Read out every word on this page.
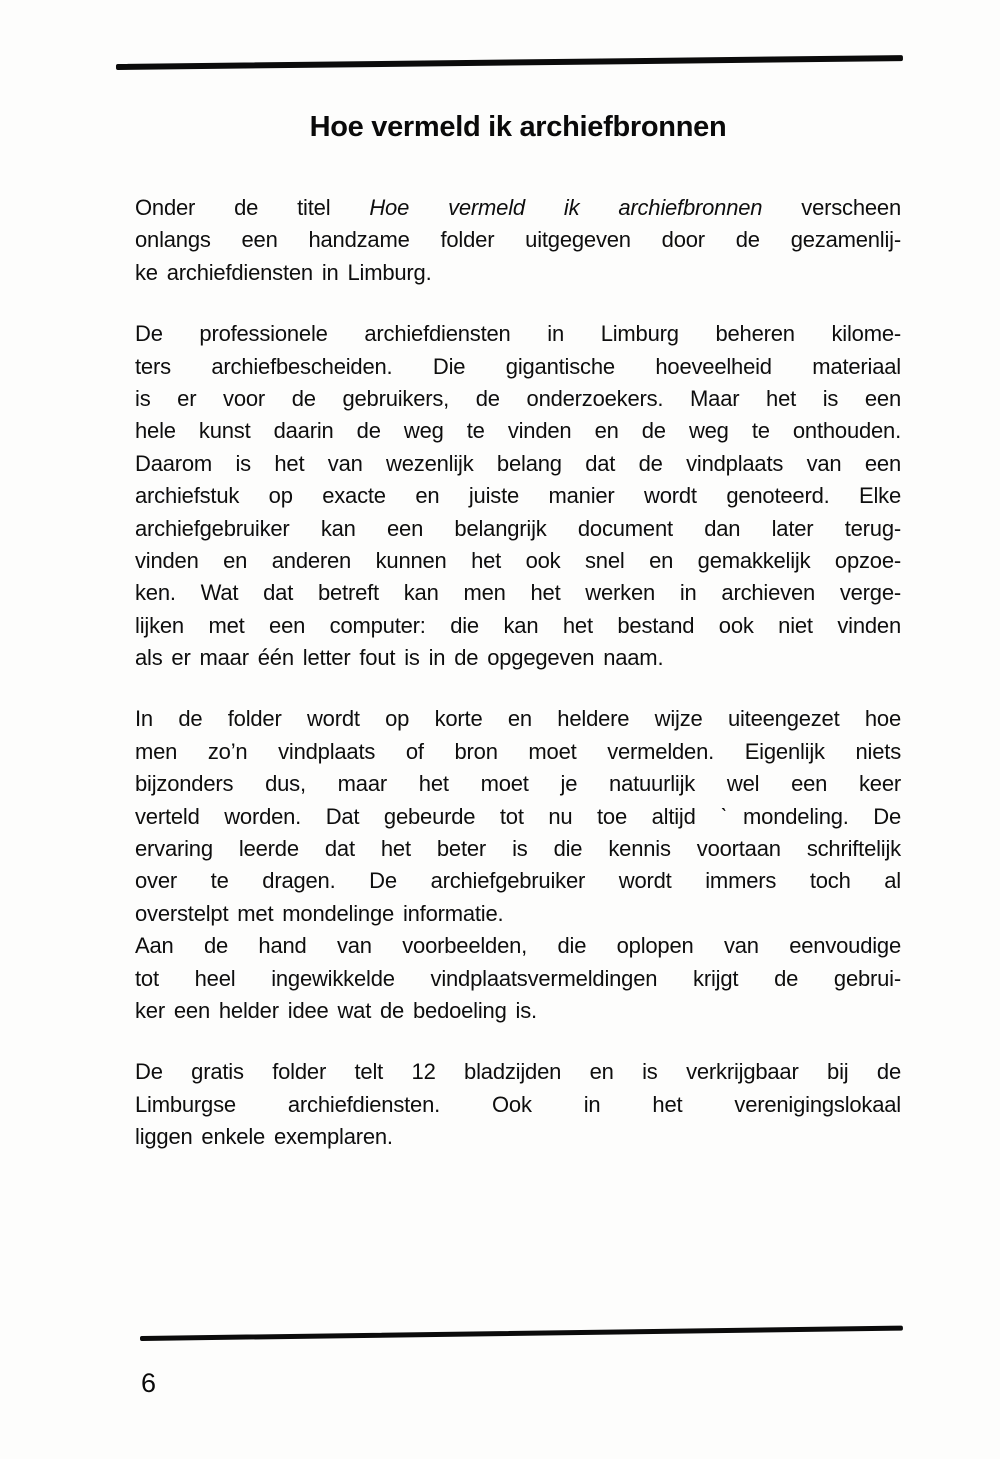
Hoe vermeld ik archiefbronnen
Onder de titel Hoe vermeld ik archiefbronnen verscheen
onlangs een handzame folder uitgegeven door de gezamenlij-
ke archiefdiensten in Limburg.
De professionele archiefdiensten in Limburg beheren kilome-
ters archiefbescheiden. Die gigantische hoeveelheid materiaal
is er voor de gebruikers, de onderzoekers. Maar het is een
hele kunst daarin de weg te vinden en de weg te onthouden.
Daarom is het van wezenlijk belang dat de vindplaats van een
archiefstuk op exacte en juiste manier wordt genoteerd. Elke
archiefgebruiker kan een belangrijk document dan later terug-
vinden en anderen kunnen het ook snel en gemakkelijk opzoe-
ken. Wat dat betreft kan men het werken in archieven verge-
lijken met een computer: die kan het bestand ook niet vinden
als er maar één letter fout is in de opgegeven naam.
In de folder wordt op korte en heldere wijze uiteengezet hoe
men zo’n vindplaats of bron moet vermelden. Eigenlijk niets
bijzonders dus, maar het moet je natuurlijk wel een keer
verteld worden. Dat gebeurde tot nu toe altijd ˋmondeling. De
ervaring leerde dat het beter is die kennis voortaan schriftelijk
over te dragen. De archiefgebruiker wordt immers toch al
overstelpt met mondelinge informatie.
Aan de hand van voorbeelden, die oplopen van eenvoudige
tot heel ingewikkelde vindplaatsvermeldingen krijgt de gebrui-
ker een helder idee wat de bedoeling is.
De gratis folder telt 12 bladzijden en is verkrijgbaar bij de
Limburgse archiefdiensten. Ook in het verenigingslokaal
liggen enkele exemplaren.
6
